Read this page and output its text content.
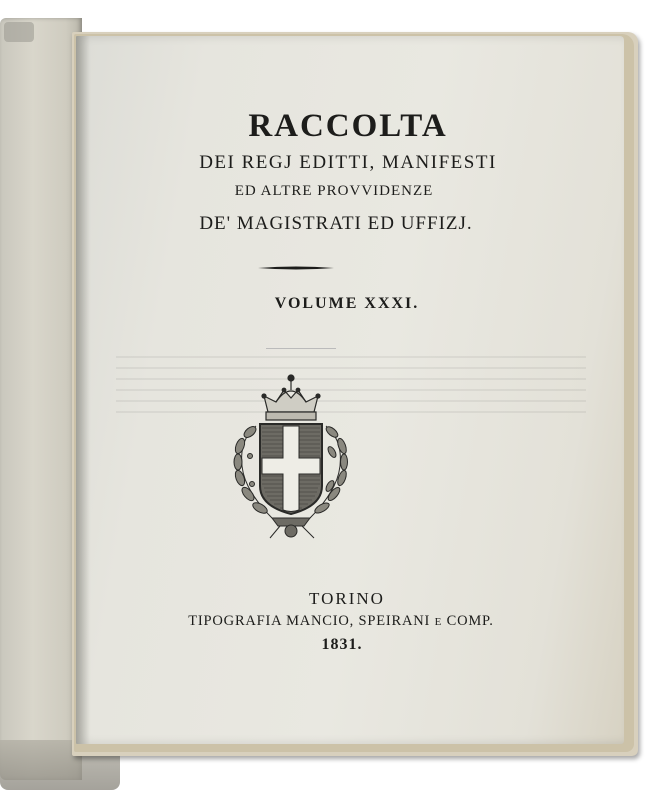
RACCOLTA
DEI REGJ EDITTI, MANIFESTI
ED ALTRE PROVVIDENZE
DE' MAGISTRATI ED UFFIZJ.
VOLUME XXXI.
TORINO
TIPOGRAFIA MANCIO, SPEIRANI E COMP.
1831.
